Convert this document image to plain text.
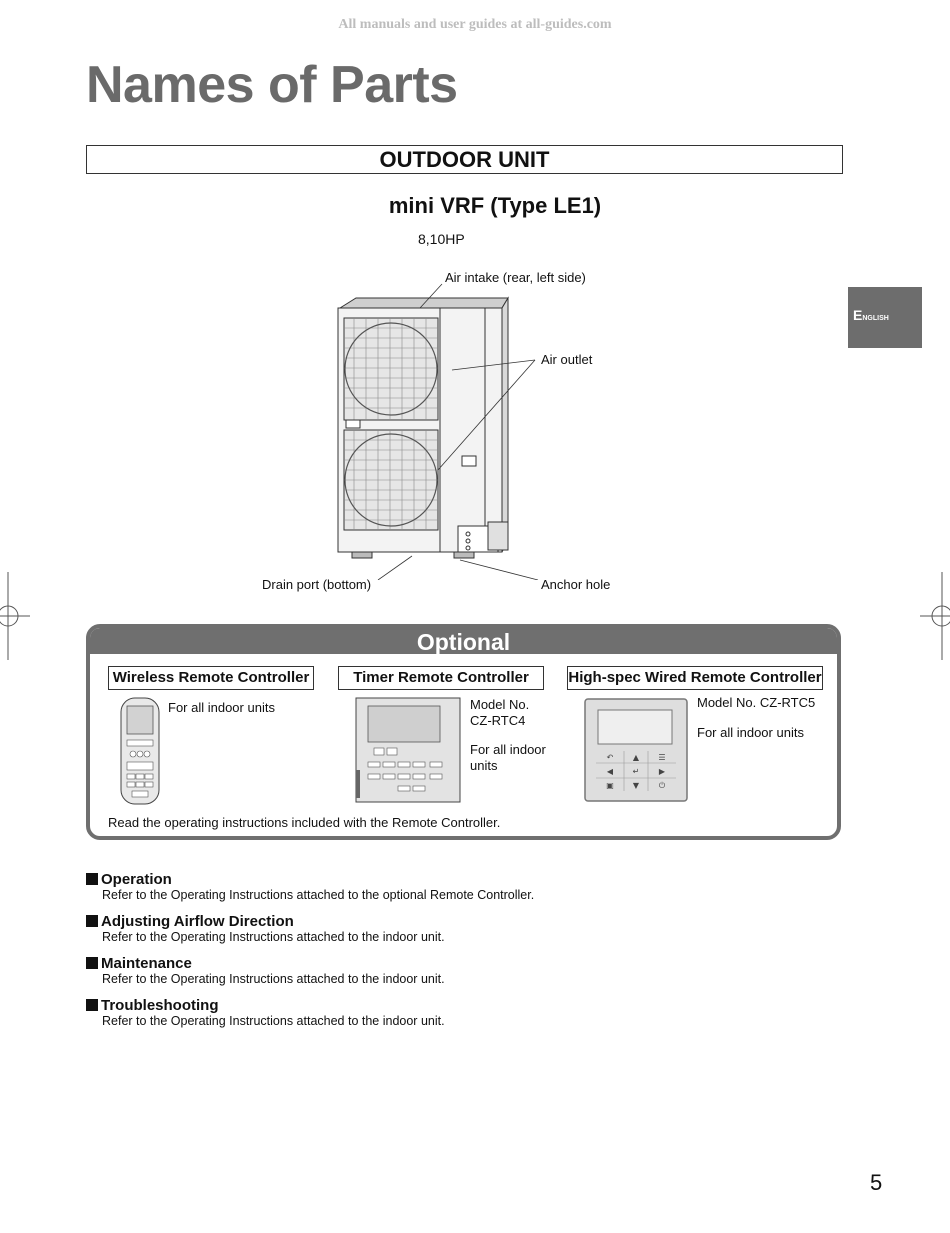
All manuals and user guides at all-guides.com
Names of Parts
OUTDOOR UNIT
mini VRF (Type LE1)
8,10HP
ENGLISH
Air intake (rear, left side)
Air outlet
Drain port (bottom)	Anchor hole
Optional
Wireless Remote Controller
For all indoor units
Timer Remote Controller
Model No.
CZ-RTC4
For all indoor
units
High-spec Wired Remote Controller
↶ ▲ ☰
◀ ↵ ▶
▣ ▼ ⏻
Model No. CZ-RTC5
For all indoor units
Read the operating instructions included with the Remote Controller.
Operation
Refer to the Operating Instructions attached to the optional Remote Controller.
Adjusting Airflow Direction
Refer to the Operating Instructions attached to the indoor unit.
Maintenance
Refer to the Operating Instructions attached to the indoor unit.
Troubleshooting
Refer to the Operating Instructions attached to the indoor unit.
5
